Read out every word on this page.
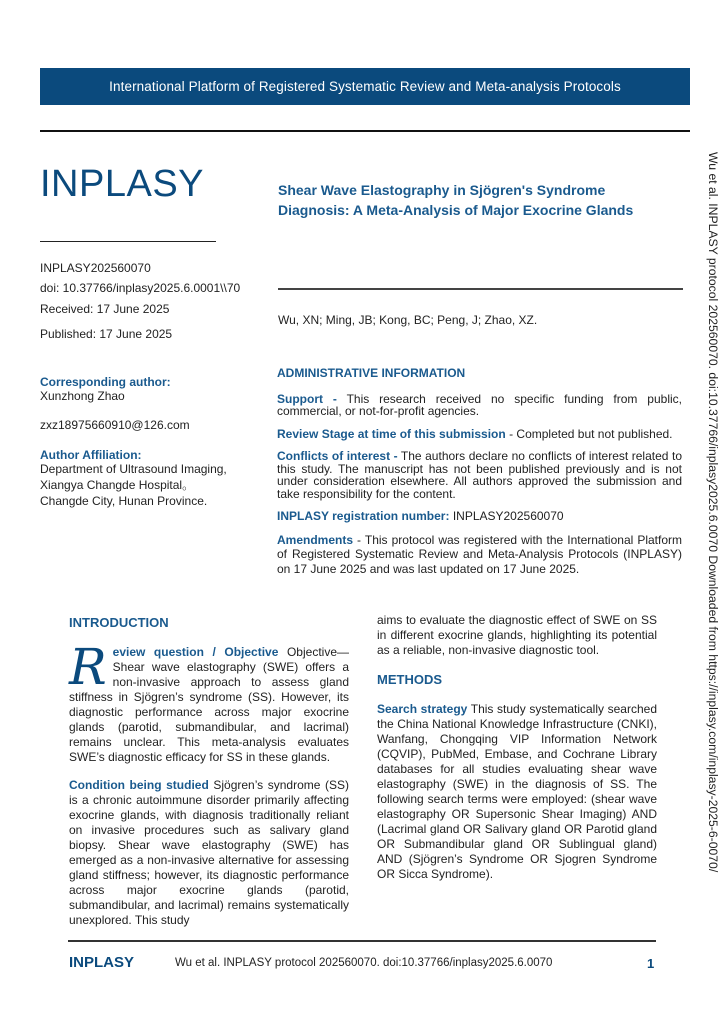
International Platform of Registered Systematic Review and Meta-analysis Protocols
INPLASY
INPLASY202560070
doi: 10.37766/inplasy2025.6.0001\\70
Received: 17 June 2025
Published: 17 June 2025
Shear Wave Elastography in Sjögren's Syndrome Diagnosis: A Meta-Analysis of Major Exocrine Glands
Wu, XN; Ming, JB; Kong, BC; Peng, J; Zhao, XZ.
Corresponding author:
Xunzhong Zhao
zxz18975660910@126.com
Author Affiliation:
Department of Ultrasound Imaging,
Xiangya Changde Hospital。
Changde City, Hunan Province.
ADMINISTRATIVE INFORMATION

Support - This research received no specific funding from public, commercial, or not-for-profit agencies.

Review Stage at time of this submission - Completed but not published.

Conflicts of interest - The authors declare no conflicts of interest related to this study. The manuscript has not been published previously and is not under consideration elsewhere. All authors approved the submission and take responsibility for the content.

INPLASY registration number: INPLASY202560070

Amendments - This protocol was registered with the International Platform of Registered Systematic Review and Meta-Analysis Protocols (INPLASY) on 17 June 2025 and was last updated on 17 June 2025.

INTRODUCTION

Review question / Objective Objective— Shear wave elastography (SWE) offers a non-invasive approach to assess gland stiffness in Sjögren’s syndrome (SS). However, its diagnostic performance across major exocrine glands (parotid, submandibular, and lacrimal) remains unclear. This meta-analysis evaluates SWE’s diagnostic efficacy for SS in these glands.

Condition being studied Sjögren’s syndrome (SS) is a chronic autoimmune disorder primarily affecting exocrine glands, with diagnosis traditionally reliant on invasive procedures such as salivary gland biopsy. Shear wave elastography (SWE) has emerged as a non-invasive alternative for assessing gland stiffness; however, its diagnostic performance across major exocrine glands (parotid, submandibular, and lacrimal) remains systematically unexplored. This study

aims to evaluate the diagnostic effect of SWE on SS in different exocrine glands, highlighting its potential as a reliable, non-invasive diagnostic tool.

METHODS

Search strategy This study systematically searched the China National Knowledge Infrastructure (CNKI), Wanfang, Chongqing VIP Information Network (CQVIP), PubMed, Embase, and Cochrane Library databases for all studies evaluating shear wave elastography (SWE) in the diagnosis of SS. The following search terms were employed: (shear wave elastography OR Supersonic Shear Imaging) AND (Lacrimal gland OR Salivary gland OR Parotid gland OR Submandibular gland OR Sublingual gland) AND (Sjögren’s Syndrome OR Sjogren Syndrome OR Sicca Syndrome).

INPLASY	Wu et al. INPLASY protocol 202560070. doi:10.37766/inplasy2025.6.0070	1
Wu et al. INPLASY protocol 202560070. doi:10.37766/inplasy2025.6.0070 Downloaded from https://inplasy.com/inplasy-2025-6-0070/
